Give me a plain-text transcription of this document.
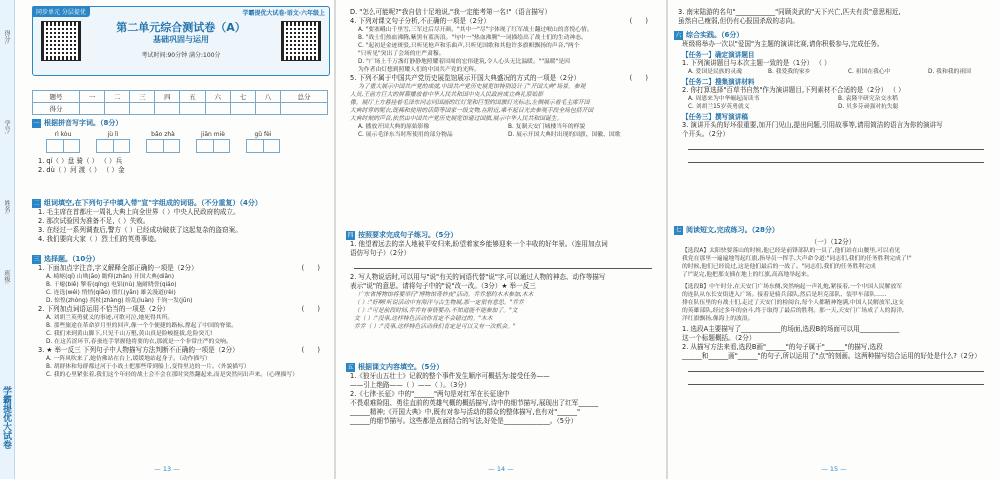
得分:
学号:
姓名:
班级:
学霸提优大试卷
同步单元 分层提优	学霸提优大试卷·语文·六年级上
第二单元综合测试卷（A）
基础巩固与运用
考试时间:90分钟 满分:100分
题号	一	二	三	四	五	六	七	八	总分
得分									
一 根据拼音写字词。（8分）
rì kòu	jù lì	bǎo zhà	jiān miè	gǔ fèi
1. qí（ ）盘 骑（ ） （ ）兵
2. dù（ ）河 渡（ ） （ ）金
二 组词填空,在下列句子中填入带"宣"字组成的词语。（不分重复）（4分）
1. 毛主席在首都庄一周礼大典上向全世界（ ）中央人民政府的成立。
2. 那次试验因为准备不足,（ ）失败。
3. 在经过一系列调查后,警方（ ）已经成功破获了这起复杂的盗窃案。
4. 我们要向大家（ ）烈士们的英勇事迹。
三 选择题。（10分）
1. 下面加点字注音,字义解释全部正确的一项是（2分）	(　　)
A. 崎岖(qí) 山坳(āo) 瞻仰(zhān) 开国大典(diǎn)
B. 干瘪(biě) 擎着(qíng) 电铝(nù) 施耐晓誉(qiáo)
C. 连选(wéi) 悄悄(qiǎo) 殷红(yān) 雄关漫道(rèi)
D. 惊惶(zhòng) 拐杖(zhàng) 纷乱(luàn) 千钧一发(jūn)
2. 下列加点词语运用不恰当的一项是（2分）	(　　)
A. 刘胡兰英勇就义的事迹,可歌可泣,她死得其所。
B. 那些旅途在革命岁月里的回声,像一个个便捷的路标,撑起了中国的脊梁。
C. 我们来到黄山脚下,只见千山万壑,黄山真是险峻挺拔,危险突兀!
D. 在这苦涩环节,春蚕连手掌握他将要的衣,那就是一个非常庄严的交响。
3. ★ 举一反三 下列句子中人物描写方法判断不正确的一项是（2分）	(　　)
A. 一阵风吹来了,她仿佛站在台上,缓缓地站起身子。（动作描写）
B. 胡群体和每群都过河于小战士把那些带到船上,变得里边的一片。（外貌描写）
C. 我的心里紧张着,我们这个年轻的战士会不会在那时突然翻起来,而是突然问出声来。（心理描写）
— 13 —
D. "怎么可能呢?"我自信十足地说,"我一定能考第一名!"（语言描写）
4. 下列对课文句子分析,不正确的一项是（2分）	(　　)
A. "要塞峨山千里雪,三军过后尽开颜。"其中一"尽"字体现了红军战士翻过岷山的喜悦心情。
B. "战士们热血沸腾,紫黑有蓝沥浪。"句中一"热血沸腾"一词描绘出了战士们的生动神态。
C. "起初是金迹斑驳,只听见枪声和乐曲声,只听见国歌和其他许多旗帜飘扬的声音,"两个
"只听见"突出了会场的庄严肃穆。
D. "广场上千万盏灯静静地照耀着国周的宏伟建筑,令人心头无比温暖。""温暖"是因
为作者由灯想到照耀人们的中国共产党的光辉。
5. 下列不属于中国共产党历史展览馆展示开国大典盛况的方式的一项是（2分）	(　　)
为了重大展示中国共产党的成就,中国共产党历史展览馆特别设计了"开国大典"场景。参观
人员,王前方巨大的屏幕播放着中华人民共和国中央人民政府成立典礼原始影
像。展厅上方悬挂着毛泽东同志同国画的红灯笼和巨型的国旗灯光标志,左侧展示着毛主席开国
大典时穿的呢衣,既稀和使用的话筒等国家一级文物,在附近,乘不起目光去参观手段全场包括开国
大典时刻的声音,依然由中国共产党历史展览馆通过国旗,展示中华人民共和国诞生。
A. 播放开国大典的原始影像	B. 复制天安门城楼当年的样貌
C. 展示毛泽东当时所使用的部分物品	D. 展示开国大典时出现的国旗、国徽、国歌
四 按照要求完成句子练习。（5分）
1. 他望着远去的亲人地被平安归来,盼望着家乡能够迎来一个丰收的好年景。（连用加点词
语仿写句子）（2分）
2. 写人物说话时,可以用与"说"有关的词语代替"说"字,可以通过人物的神态、动作等描写
表示"说"的意思。请将句子中的"说"改一改。（3分）★ 举一反三
广东省博物馆将要举行"博物馆奇妙夜"活动。乔乔想约木木参加,木木
（ ）:"好啊!听说活动中有海洋与古生物展,那一定很有意思。"乔乔
（ ）:"可是前段时间,乔乔有事情要办,不知道能不能参加了。"文
文（ ）:"没事,这样特色活动你肯定不会错过的。"木木
乔乔（ ）:"没事,这样特色活动我们肯定是可以又有一次机会。"
五 根据课文内容填空。（5分）
1.《狼牙山五壮士》记叙的整个事件发生顺序可概括为:接受任务——
——引上绝路——（ ）——（ ）。（3分）
2.《七律·长征》中的"______"两句是对红军在长征途中
不畏艰难险阻、勇往直前的英雄气概的概括描写,诗中的细节描写,展现出了红军______
______精神;《开国大典》中,既有对参与活动的群众的整体描写,也有对"______"
______的细节描写。这些都是点面结合的写法,好处是______________。（5分）
— 14 —
3. 南宋陆游的名句"____________"同顾炎武的"天下兴亡,匹夫有责"意思相近,
虽然自己瘦弱,但仍有心报国杀敌的志向。
六 综合实践。（6分）
班级将举办一次以"爱国"为主题的演讲比赛,请你积极参与,完成任务。
【任务一】确定演讲题目
1. 下列演讲题目与本次主题一致的是（1分） （ ）
A. 爱国是民族的灵魂	B. 我爱我的家乡	C. 祖国在我心中	D. 我和我的祖国
【任务二】搜集演讲材料
2. 你打算选择"百草书自然"作为演讲题目,下列素材不合适的是（2分） （ ）
A. 周恩来为中华崛起而读书	B. 袁隆平研究杂交水稻
C. 刘胡兰15岁英勇就义	D. 贝多芬顽强对抗失聪
【任务三】撰写演讲稿
3. 演讲开头的好坏很重要,加开门见山,提出问题,引用故事等,请用简洁的语言为你的演讲写
个开头。（2分）
七 阅读短文,完成练习。（28分）
（一）（12分）
【选段A】太阳快要落山的时候,他已经是前锋部队的一员了,他们站在山腰里,可以看见
我党在那里一遍遍地驾起红旗,指导员一挥手,大声命令道:"同志们,我们的任务胜利完成了!"
的时候,他们已经说过,这是他们最后的一战了。"同志们,我们的任务胜利完成
了!"说完,他把那支插在地上的红旗,高高地举起来。
【选段B】中午时分,在天安门广场东侧,突然响起一声礼炮,紧接着,一个中国人民解放军
的连队从东长安街进入广场。接着是骑兵部队,然后是坦克部队、装甲车部队……
排在队伍里的有战士们,走过了天安门的检阅台,每个人都精神饱满,中国人民解放军,这支
的英雄部队,经过多年的奋斗,终于取得了最后的胜利。那一天,天安门广场成了人的海洋,
洋红旗飘扬,像海上的波浪。
1. 选段A主要描写了____________的场面,选段B的场面可以用____________
这一个标题概括。（2分）
2. 从描写方法来看,选段B画"______"的句子属于"______"的描写,选段
______和______画"______"的句子,所以运用了"点"的刻画。这两种描写结合运用的好处是什么?（2分）
— 15 —
